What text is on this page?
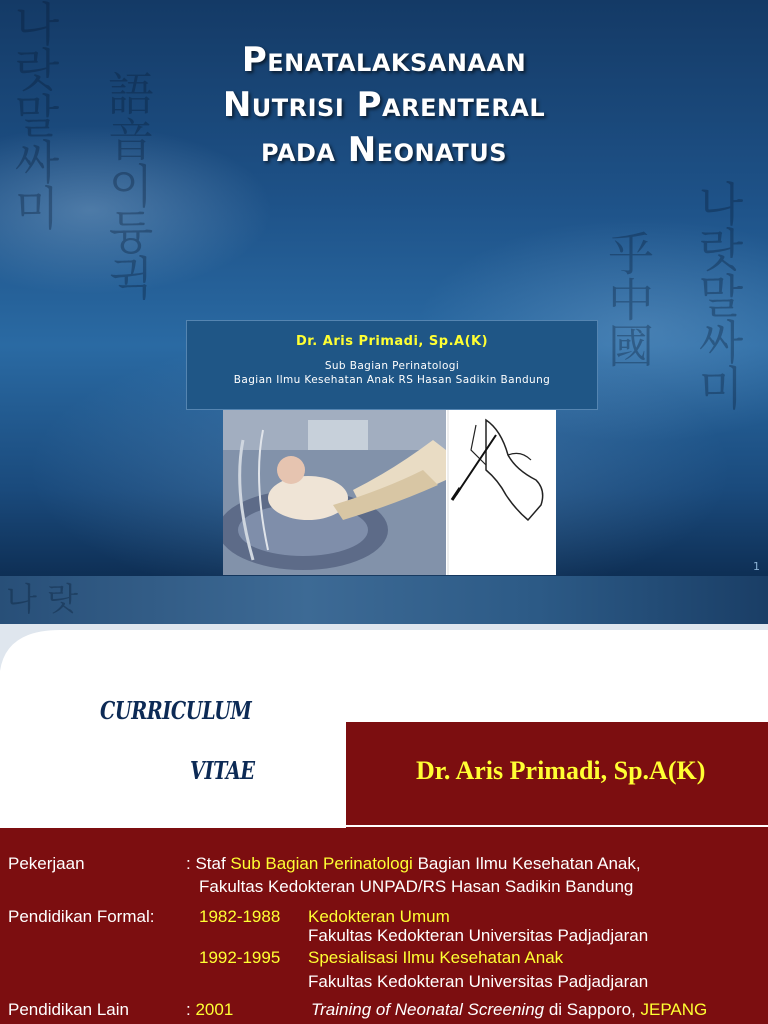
나랏말싸미 語音이듕귁	나랏말싸미
乎中國
Penatalaksanaan
Nutrisi Parenteral
pada Neonatus
Dr. Aris Primadi, Sp.A(K)
Sub Bagian Perinatologi
Bagian Ilmu Kesehatan Anak RS Hasan Sadikin Bandung
1
나 랏
CURRICULUM
VITAE	Dr. Aris Primadi, Sp.A(K)
Pekerjaan	: Staf Sub Bagian Perinatologi Bagian Ilmu Kesehatan Anak,
Fakultas Kedokteran UNPAD/RS Hasan Sadikin Bandung
Pendidikan Formal:	1982-1988 Kedokteran Umum
Fakultas Kedokteran Universitas Padjadjaran
1992-1995 Spesialisasi Ilmu Kesehatan Anak
Fakultas Kedokteran Universitas Padjadjaran
Pendidikan Lain	: 2001	Training of Neonatal Screening di Sapporo, JEPANG
